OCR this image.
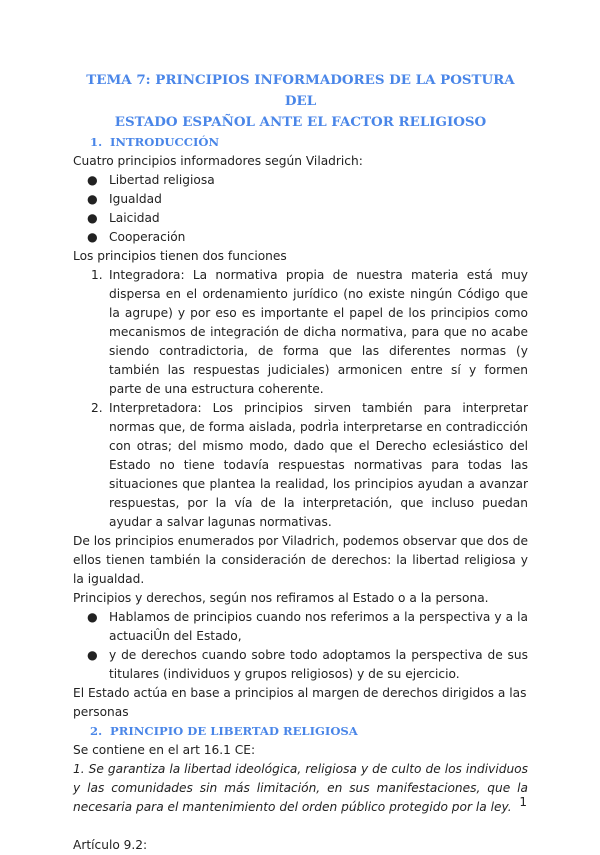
TEMA 7: PRINCIPIOS INFORMADORES DE LA POSTURA DEL
ESTADO ESPAÑOL ANTE EL FACTOR RELIGIOSO
1. INTRODUCCIÓN

Cuatro principios informadores según Viladrich:

● Libertad religiosa
● Igualdad
● Laicidad
● Cooperación

Los principios tienen dos funciones

1. Integradora: La normativa propia de nuestra materia está muy dispersa en el ordenamiento jurídico (no existe ningún Código que la agrupe) y por eso es importante el papel de los principios como mecanismos de integración de dicha normativa, para que no acabe siendo contradictoria, de forma que las diferentes normas (y también las respuestas judiciales) armonicen entre sí y formen parte de una estructura coherente.
2. Interpretadora: Los principios sirven también para interpretar normas que, de forma aislada, podrÌa interpretarse en contradicción con otras; del mismo modo, dado que el Derecho eclesiástico del Estado no tiene todavía respuestas normativas para todas las situaciones que plantea la realidad, los principios ayudan a avanzar respuestas, por la vía de la interpretación, que incluso puedan ayudar a salvar lagunas normativas.

De los principios enumerados por Viladrich, podemos observar que dos de ellos tienen también la consideración de derechos: la libertad religiosa y la igualdad.

Principios y derechos, según nos refiramos al Estado o a la persona.

● Hablamos de principios cuando nos referimos a la perspectiva y a la actuaciÛn del Estado,
● y de derechos cuando sobre todo adoptamos la perspectiva de sus titulares (individuos y grupos religiosos) y de su ejercicio.

El Estado actúa en base a principios al margen de derechos dirigidos a las personas

2. PRINCIPIO DE LIBERTAD RELIGIOSA

Se contiene en el art 16.1 CE:

1. Se garantiza la libertad ideológica, religiosa y de culto de los individuos y las comunidades sin más limitación, en sus manifestaciones, que la necesaria para el mantenimiento del orden público protegido por la ley.

Artículo 9.2:

1
